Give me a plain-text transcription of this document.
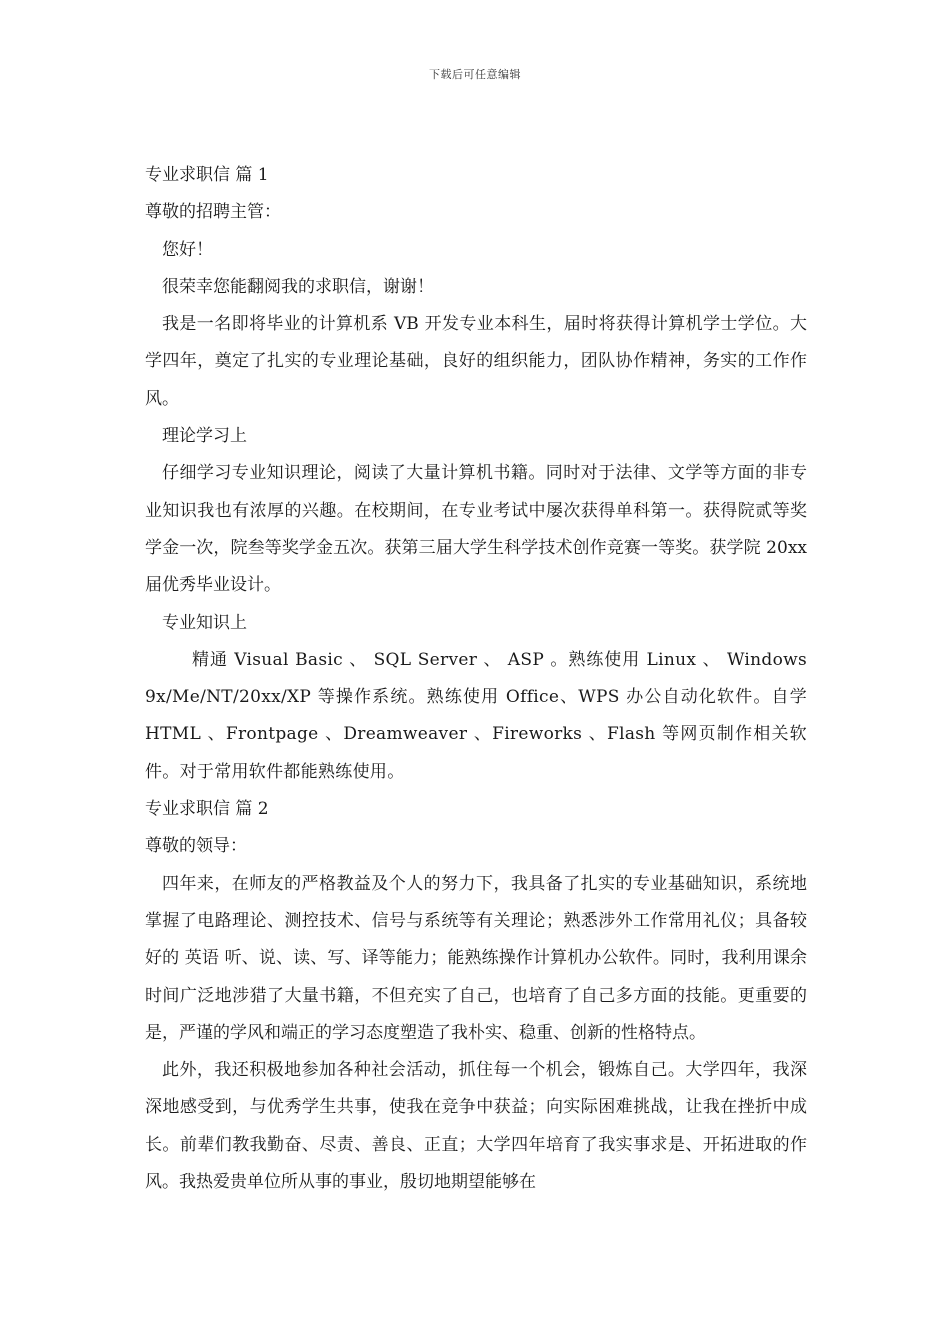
下载后可任意编辑

专业求职信 篇 1

尊敬的招聘主管：

您好！

很荣幸您能翻阅我的求职信，谢谢！

我是一名即将毕业的计算机系 VB 开发专业本科生，届时将获得计算机学士学位。大学四年，奠定了扎实的专业理论基础，良好的组织能力，团队协作精神，务实的工作作风。

理论学习上

仔细学习专业知识理论，阅读了大量计算机书籍。同时对于法律、文学等方面的非专业知识我也有浓厚的兴趣。在校期间，在专业考试中屡次获得单科第一。获得院贰等奖学金一次，院叁等奖学金五次。获第三届大学生科学技术创作竞赛一等奖。获学院 20xx 届优秀毕业设计。

专业知识上

精通 Visual Basic 、 SQL Server 、 ASP 。熟练使用 Linux 、 Windows 9x/Me/NT/20xx/XP 等操作系统。熟练使用 Office、WPS 办公自动化软件。自学 HTML 、Frontpage 、Dreamweaver 、Fireworks 、Flash 等网页制作相关软件。对于常用软件都能熟练使用。

专业求职信 篇 2

尊敬的领导：

四年来，在师友的严格教益及个人的努力下，我具备了扎实的专业基础知识，系统地掌握了电路理论、测控技术、信号与系统等有关理论；熟悉涉外工作常用礼仪；具备较好的 英语 听、说、读、写、译等能力；能熟练操作计算机办公软件。同时，我利用课余时间广泛地涉猎了大量书籍，不但充实了自己，也培育了自己多方面的技能。更重要的是，严谨的学风和端正的学习态度塑造了我朴实、稳重、创新的性格特点。

此外，我还积极地参加各种社会活动，抓住每一个机会，锻炼自己。大学四年，我深深地感受到，与优秀学生共事，使我在竞争中获益；向实际困难挑战，让我在挫折中成长。前辈们教我勤奋、尽责、善良、正直；大学四年培育了我实事求是、开拓进取的作风。我热爱贵单位所从事的事业，殷切地期望能够在
